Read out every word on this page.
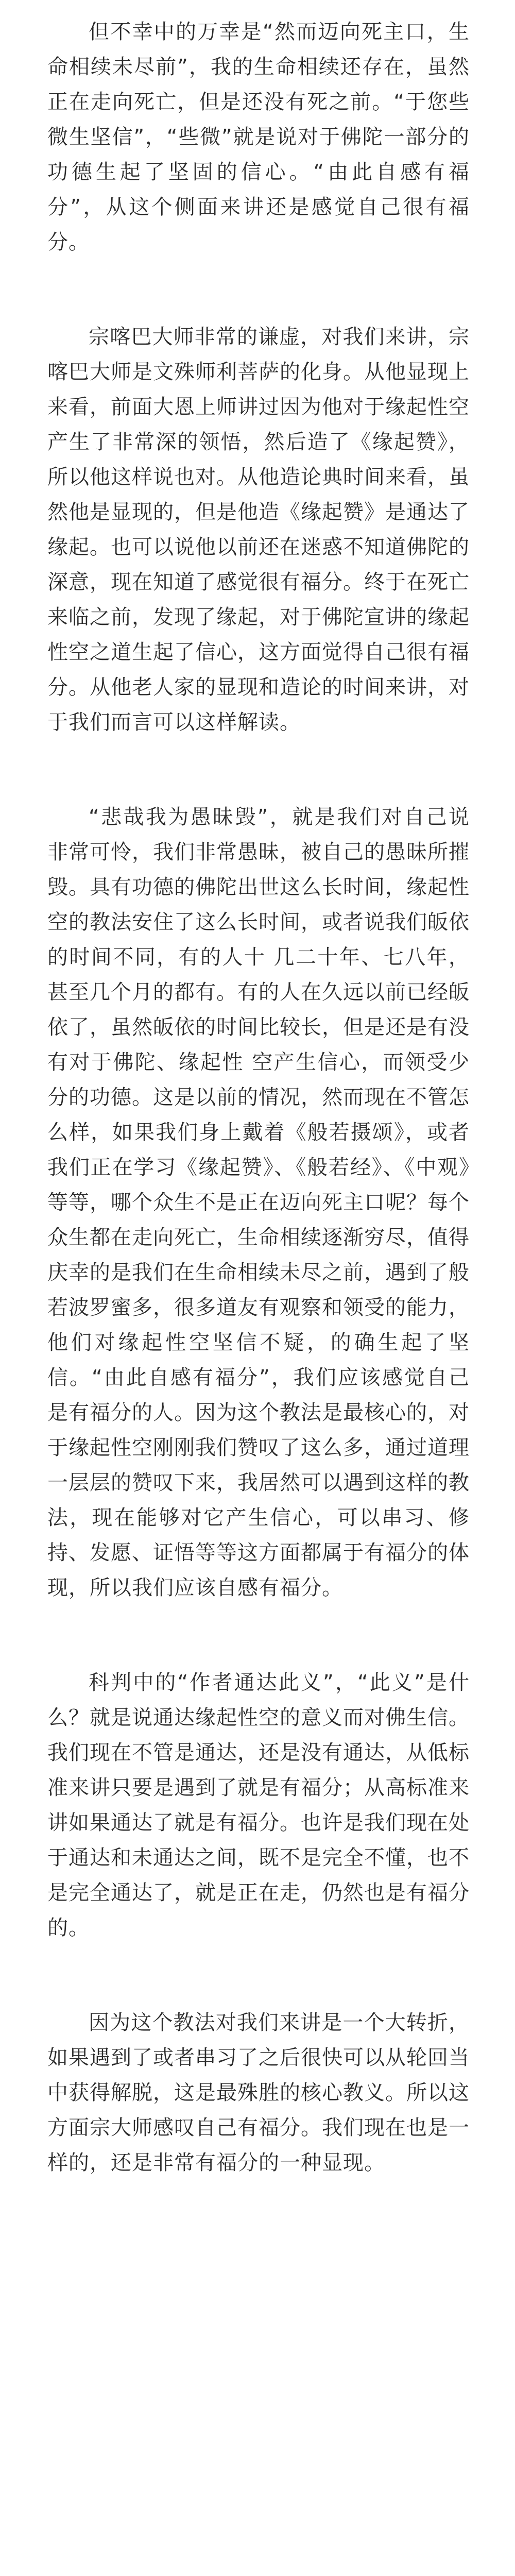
但不幸中的万幸是“然而迈向死主口，生命相续未尽前”，我的生命相续还存在，虽然正在走向死亡，但是还没有死之前。“于您些微生坚信”，“些微”就是说对于佛陀一部分的功德生起了坚固的信心。“由此自感有福分”，从这个侧面来讲还是感觉自己很有福分。

宗喀巴大师非常的谦虚，对我们来讲，宗喀巴大师是文殊师利菩萨的化身。从他显现上来看，前面大恩上师讲过因为他对于缘起性空产生了非常深的领悟，然后造了《缘起赞》，所以他这样说也对。从他造论典时间来看，虽然他是显现的，但是他造《缘起赞》是通达了缘起。也可以说他以前还在迷惑不知道佛陀的深意，现在知道了感觉很有福分。终于在死亡来临之前，发现了缘起，对于佛陀宣讲的缘起性空之道生起了信心，这方面觉得自己很有福分。从他老人家的显现和造论的时间来讲，对于我们而言可以这样解读。

“悲哉我为愚昧毁”，就是我们对自己说非常可怜，我们非常愚昧，被自己的愚昧所摧毁。具有功德的佛陀出世这么长时间，缘起性空的教法安住了这么长时间，或者说我们皈依的时间不同，有的人十 几二十年、七八年，甚至几个月的都有。有的人在久远以前已经皈 依了，虽然皈依的时间比较长，但是还是有没有对于佛陀、缘起性 空产生信心，而领受少分的功德。这是以前的情况，然而现在不管怎么样，如果我们身上戴着《般若摄颂》，或者我们正在学习《缘起赞》、《般若经》、《中观》等等，哪个众生不是正在迈向死主口呢？每个众生都在走向死亡，生命相续逐渐穷尽，值得庆幸的是我们在生命相续未尽之前，遇到了般若波罗蜜多，很多道友有观察和领受的能力，他们对缘起性空坚信不疑，的确生起了坚信。“由此自感有福分”，我们应该感觉自己是有福分的人。因为这个教法是最核心的，对于缘起性空刚刚我们赞叹了这么多，通过道理一层层的赞叹下来，我居然可以遇到这样的教法，现在能够对它产生信心，可以串习、修持、发愿、证悟等等这方面都属于有福分的体现，所以我们应该自感有福分。

科判中的“作者通达此义”，“此义”是什么？就是说通达缘起性空的意义而对佛生信。我们现在不管是通达，还是没有通达，从低标准来讲只要是遇到了就是有福分；从高标准来讲如果通达了就是有福分。也许是我们现在处于通达和未通达之间，既不是完全不懂，也不是完全通达了，就是正在走，仍然也是有福分的。

因为这个教法对我们来讲是一个大转折，如果遇到了或者串习了之后很快可以从轮回当中获得解脱，这是最殊胜的核心教义。所以这方面宗大师感叹自己有福分。我们现在也是一样的，还是非常有福分的一种显现。
